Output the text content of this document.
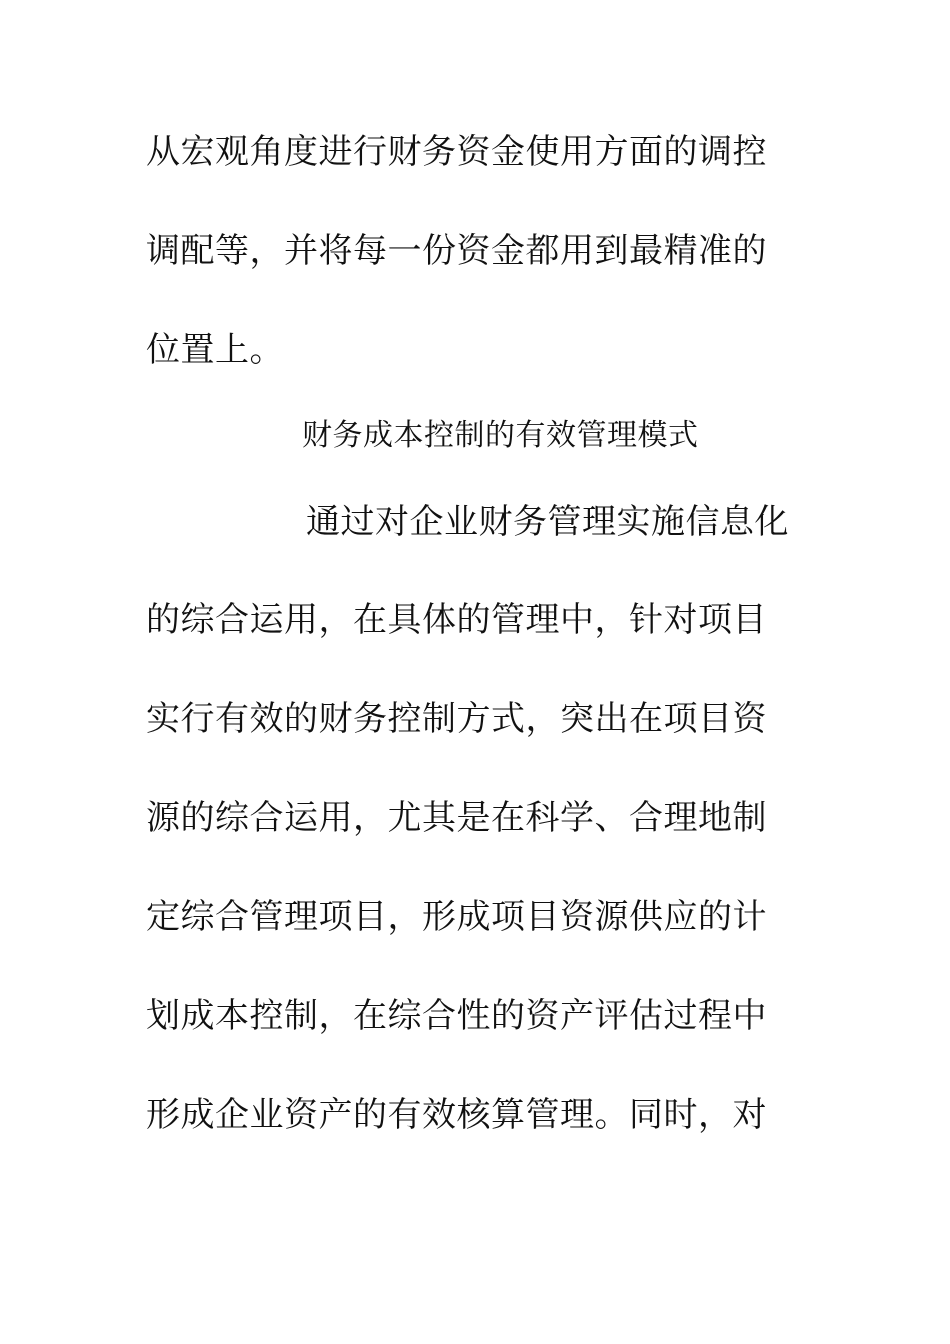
从宏观角度进行财务资金使用方面的调控
调配等，并将每一份资金都用到最精准的
位置上。
财务成本控制的有效管理模式
通过对企业财务管理实施信息化
的综合运用，在具体的管理中，针对项目
实行有效的财务控制方式，突出在项目资
源的综合运用，尤其是在科学、合理地制
定综合管理项目，形成项目资源供应的计
划成本控制，在综合性的资产评估过程中
形成企业资产的有效核算管理。同时，对
